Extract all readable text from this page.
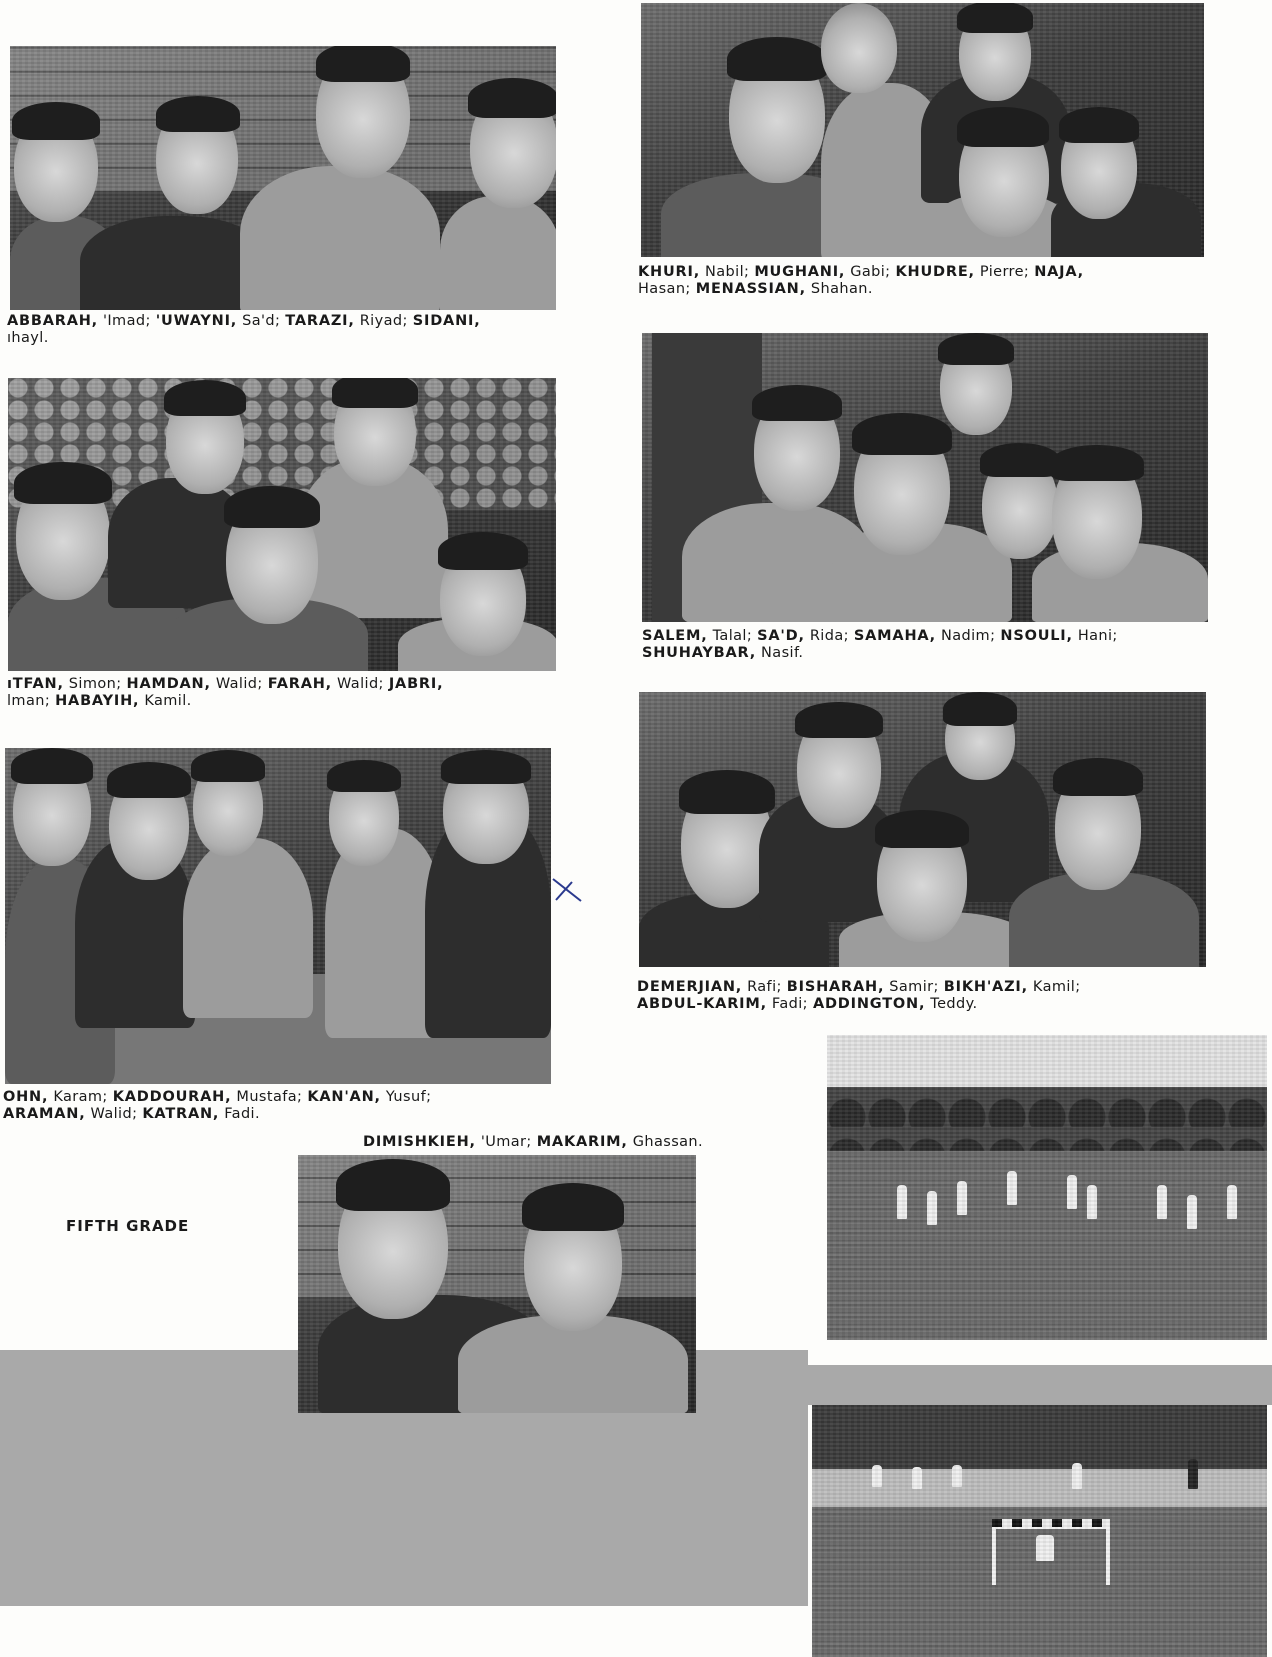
ABBARAH, 'Imad; 'UWAYNI, Sa'd; TARAZI, Riyad; SIDANI,
ıhayl.

KHURI, Nabil; MUGHANI, Gabi; KHUDRE, Pierre; NAJA,
Hasan; MENASSIAN, Shahan.

ıTFAN, Simon; HAMDAN, Walid; FARAH, Walid; JABRI,
lman; HABAYIH, Kamil.

SALEM, Talal; SA'D, Rida; SAMAHA, Nadim; NSOULI, Hani;
SHUHAYBAR, Nasif.

DEMERJIAN, Rafi; BISHARAH, Samir; BIKH'AZI, Kamil;
ABDUL-KARIM, Fadi; ADDINGTON, Teddy.

OHN, Karam; KADDOURAH, Mustafa; KAN'AN, Yusuf;
ARAMAN, Walid; KATRAN, Fadi.

DIMISHKIEH, 'Umar; MAKARIM, Ghassan.

FIFTH GRADE
